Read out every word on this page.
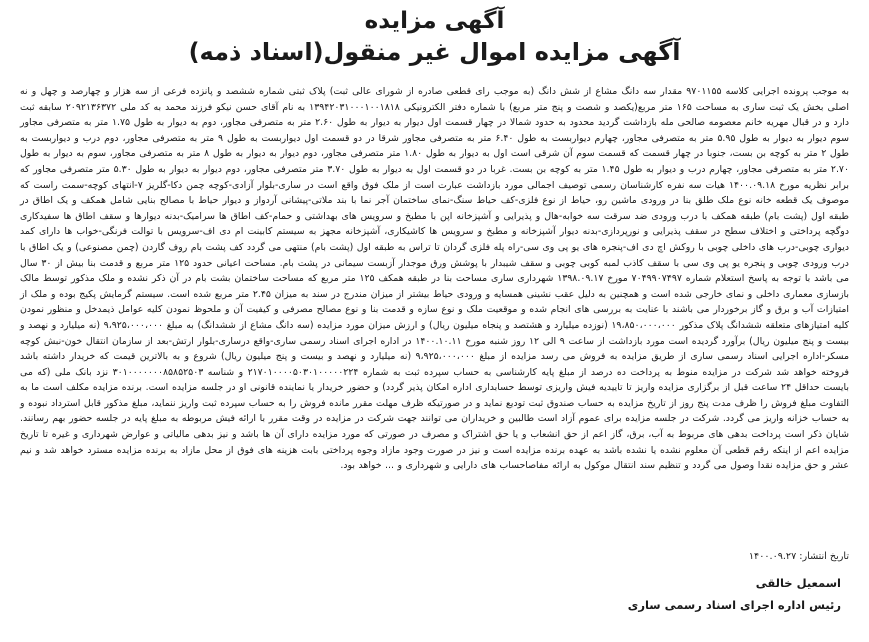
آگهی مزایده
آگهی مزایده اموال غیر منقول(اسناد ذمه)

به موجب پرونده اجرایی کلاسه ۹۷۰۱۱۵۵ مقدار سه دانگ مشاع از شش دانگ (به موجب رای قطعی صادره از شورای عالی ثبت) پلاک ثبتی شماره ششصد و پانزده فرعی از سه هزار و چهارصد و چهل و نه اصلی بخش یک ثبت ساری به مساحت ۱۶۵ متر مربع(یکصد و شصت و پنج متر مربع) با شماره دفتر الکترونیکی ۱۳۹۴۲۰۳۱۰۰۰۱۰۰۱۸۱۸ به نام آقای حسن نیکو فرزند محمد به کد ملی ۲۰۹۲۱۳۶۳۷۲ سابقه ثبت دارد و در قبال مهریه خانم معصومه صالحی مله بازداشت گردید محدود به حدود شمالا در چهار قسمت اول دیوار به دیوار به طول ۲.۶۰ متر به متصرفی مجاور، دوم به دیوار به طول ۱.۷۵ متر به متصرفی مجاور سوم دیوار به دیوار به طول ۵.۹۵ متر به متصرفی مجاور، چهارم دیواربست به طول ۶.۴۰ متر به متصرفی مجاور شرقا در دو قسمت اول دیواربست به طول ۹ متر به متصرفی مجاور، دوم درب و دیواربست به طول ۲ متر به کوچه بن بست، جنوبا در چهار قسمت که قسمت سوم آن شرقی است اول به دیوار به طول ۱.۸۰ متر متصرفی مجاور، دوم دیوار به دیوار به طول ۸ متر به متصرفی مجاور، سوم به دیوار به طول ۲.۷۰ متر به متصرفی مجاور، چهارم درب و دیوار به طول ۱.۴۵ متر به کوچه بن بست. غربا در دو قسمت اول به دیوار به طول ۳.۷۰ متر متصرفی مجاور، دوم دیوار به دیوار به طول ۵.۳۰ متر متصرفی مجاور که برابر نظریه مورخ ۱۴۰۰.۰۹.۱۸ هیات سه نفره کارشناسان رسمی توصیف اجمالی مورد بازداشت عبارت است از ملک فوق واقع است در ساری-بلوار آزادی-کوچه چمن دکا-گلریز ۷-انتهای کوچه-سمت راست که موصوف یک قطعه خانه نوع ملک طلق بنا در ورودی ماشین رو، حیاط از نوع فلزی-کف حیاط سنگ-نمای ساختمان آجر نما با بند ملاتی-پیشانی آردواز و دیوار حیاط با مصالح بنایی شامل همکف و یک اطاق در طبقه اول (پشت بام) طبقه همکف با درب ورودی ضد سرقت سه خوابه-هال و پذیرایی و آشپزخانه اپن با مطبخ و سرویس های بهداشتی و حمام-کف اطاق ها سرامیک-بدنه دیوارها و سقف اطاق ها سفیدکاری دوگچه پرداختی و اختلاف سطح در سقف پذیرایی و نورپردازی-بدنه دیوار آشپزخانه و مطبخ و سرویس ها کاشیکاری، آشپزخانه مجهز به سیستم کابینت ام دی اف-سرویس با توالت فرنگی-خواب ها دارای کمد دیواری چوبی-درب های داخلی چوبی با روکش اچ دی اف-پنجره های یو پی وی سی-راه پله فلزی گردان تا تراس به طبقه اول (پشت بام) منتهی می گردد کف پشت بام روف گاردن (چمن مصنوعی) و یک اطاق با درب ورودی چوبی و پنجره یو پی وی سی با سقف کاذب لمبه کوبی چوبی و سقف شیبدار با پوشش ورق موجدار آزبست سیمانی در پشت بام. مساحت اعیانی حدود ۱۲۵ متر مربع و قدمت بنا بیش از ۳۰ سال می باشد با توجه به پاسخ استعلام شماره ۷۰۴۹۹۰۷۴۹۷ مورخ ۱۳۹۸.۰۹.۱۷ شهرداری ساری مساحت بنا در طبقه همکف ۱۲۵ متر مربع که مساحت ساختمان بشت بام در آن ذکر نشده و ملک مذکور توسط مالک بازسازی معماری داخلی و نمای خارجی شده است و همچنین به دلیل عقب نشینی همسایه و ورودی حیاط بیشتر از میزان مندرج در سند به میزان ۲.۴۵ متر مربع شده است. سیستم گرمایش پکیج بوده و ملک از امتیازات آب و برق و گاز برخوردار می باشند با عنایت به بررسی های انجام شده و موقعیت ملک و نوع سازه و قدمت بنا و نوع مصالح مصرفی و کیفیت آن و ملحوظ نمودن کلیه عوامل ذیمدخل و منظور نمودن کلیه امتیازهای متعلقه ششدانگ پلاک مذکور ۱۹،۸۵۰،۰۰۰،۰۰۰ (نوزده میلیارد و هشتصد و پنجاه میلیون ریال) و ارزش میزان مورد مزایده (سه دانگ مشاع از ششدانگ) به مبلغ ۹،۹۲۵،۰۰۰،۰۰۰ (نه میلیارد و نهصد و بیست و پنج میلیون ریال) برآورد گردیده است مورد بازداشت از ساعت ۹ الی ۱۲ روز شنبه مورخ ۱۴۰۰.۱۰.۱۱ در اداره اجرای اسناد رسمی ساری-واقع درساری-بلوار ارتش-بعد از سازمان انتقال خون-نبش کوچه مسکر-اداره اجرایی اسناد رسمی ساری از طریق مزایده به فروش می رسد مزایده از مبلغ ۹،۹۲۵،۰۰۰،۰۰۰ (نه میلیارد و نهصد و بیست و پنج میلیون ریال) شروع و به بالاترین قیمت که خریدار داشته باشد فروخته خواهد شد شرکت در مزایده منوط به پرداخت ده درصد از مبلغ پایه کارشناسی به حساب سپرده ثبت به شماره ۲۱۷۰۱۰۰۰۰۵۰۳۰۱۰۰۰۰۰۲۲۴ و شناسه ۳۰۱۰۰۰۰۰۰۰۸۵۸۵۲۵۰۳ نزد بانک ملی (که می بایست حداقل ۲۴ ساعت قبل از برگزاری مزایده واریز تا تاییدیه فیش واریزی توسط حسابداری اداره امکان پذیر گردد) و حضور خریدار یا نماینده قانونی او در جلسه مزایده است. برنده مزایده مکلف است ما به التفاوت مبلغ فروش را ظرف مدت پنج روز از تاریخ مزایده به حساب صندوق ثبت تودیع نماید و در صورتیکه ظرف مهلت مقرر مانده فروش را به حساب سپرده ثبت واریز ننماید، مبلغ مذکور قابل استرداد نبوده و به حساب خزانه واریز می گردد. شرکت در جلسه مزایده برای عموم آزاد است طالبین و خریداران می توانند جهت شرکت در مزایده در وقت مقرر با ارائه فیش مربوطه به مبلغ پایه در جلسه حضور بهم رسانند. شایان ذکر است پرداخت بدهی های مربوط به آب، برق، گاز اعم از حق انشعاب و یا حق اشتراک و مصرف در صورتی که مورد مزایده دارای آن ها باشد و نیز بدهی مالیاتی و عوارض شهرداری و غیره تا تاریخ مزایده اعم از اینکه رقم قطعی آن معلوم نشده یا نشده باشد به عهده برنده مزایده است و نیز در صورت وجود مازاد وجوه پرداختی بابت هزینه های فوق از محل مازاد به برنده مزایده مسترد خواهد شد و نیم عشر و حق مزایده نقدا وصول می گردد و تنظیم سند انتقال موکول به ارائه مفاصاحساب های دارایی و شهرداری و ... خواهد بود.

تاریخ انتشار: ۱۴۰۰.۰۹.۲۷

اسمعیل خالقی

رئیس اداره اجرای اسناد رسمی ساری
